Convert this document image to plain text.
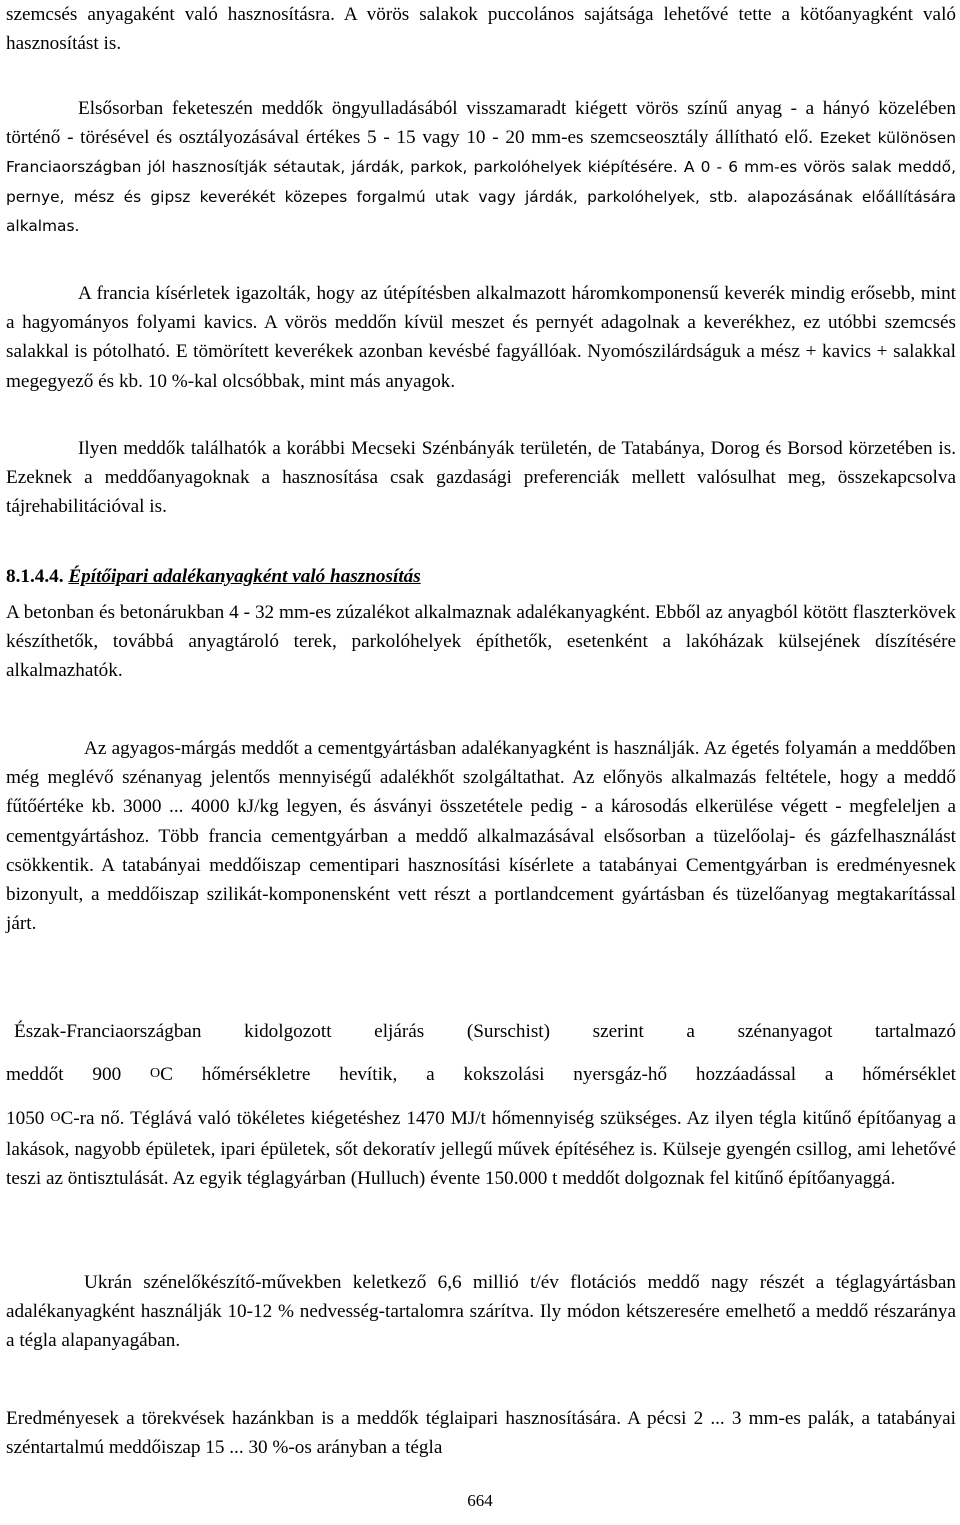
szemcsés anyagaként való hasznosításra. A vörös salakok puccolános sajátsága lehetővé tette a kötőanyagként való hasznosítást is.

Elsősorban feketeszén meddők öngyulladásából visszamaradt kiégett vörös színű anyag - a hányó közelében történő - törésével és osztályozásával értékes 5 - 15 vagy 10 - 20 mm-es szemcseosztály állítható elő. Ezeket különösen Franciaországban jól hasznosítják sétautak, járdák, parkok, parkolóhelyek kiépítésére. A 0 - 6 mm-es vörös salak meddő, pernye, mész és gipsz keverékét közepes forgalmú utak vagy járdák, parkolóhelyek, stb. alapozásának előállítására alkalmas.

A francia kísérletek igazolták, hogy az útépítésben alkalmazott háromkomponensű keverék mindig erősebb, mint a hagyományos folyami kavics. A vörös meddőn kívül meszet és pernyét adagolnak a keverékhez, ez utóbbi szemcsés salakkal is pótolható. E tömörített keverékek azonban kevésbé fagyállóak. Nyomószilárdságuk a mész + kavics + salakkal megegyező és kb. 10 %-kal olcsóbbak, mint más anyagok.

Ilyen meddők találhatók a korábbi Mecseki Szénbányák területén, de Tatabánya, Dorog és Borsod körzetében is. Ezeknek a meddőanyagoknak a hasznosítása csak gazdasági preferenciák mellett valósulhat meg, összekapcsolva tájrehabilitációval is.

8.1.4.4. Építőipari adalékanyagként való hasznosítás

A betonban és betonárukban 4 - 32 mm-es zúzalékot alkalmaznak adalékanyagként. Ebből az anyagból kötött flaszterkövek készíthetők, továbbá anyagtároló terek, parkolóhelyek építhetők, esetenként a lakóházak külsejének díszítésére alkalmazhatók.

Az agyagos-márgás meddőt a cementgyártásban adalékanyagként is használják. Az égetés folyamán a meddőben még meglévő szénanyag jelentős mennyiségű adalékhőt szolgáltathat. Az előnyös alkalmazás feltétele, hogy a meddő fűtőértéke kb. 3000 ... 4000 kJ/kg legyen, és ásványi összetétele pedig - a károsodás elkerülése végett - megfeleljen a cementgyártáshoz. Több francia cementgyárban a meddő alkalmazásával elsősorban a tüzelőolaj- és gázfelhasználást csökkentik. A tatabányai meddőiszap cementipari hasznosítási kísérlete a tatabányai Cementgyárban is eredményesnek bizonyult, a meddőiszap szilikát-komponensként vett részt a portlandcement gyártásban és tüzelőanyag megtakarítással járt.

Észak-Franciaországban kidolgozott eljárás (Surschist) szerint a szénanyagot tartalmazó
meddőt 900 $^O$C hőmérsékletre hevítik, a kokszolási nyersgáz-hő hozzáadással a hőmérséklet
1050 $^O$C-ra nő. Téglává való tökéletes kiégetéshez 1470 MJ/t hőmennyiség szükséges. Az ilyen tégla kitűnő építőanyag a lakások, nagyobb épületek, ipari épületek, sőt dekoratív jellegű művek építéséhez is. Külseje gyengén csillog, ami lehetővé teszi az öntisztulását. Az egyik téglagyárban (Hulluch) évente 150.000 t meddőt dolgoznak fel kitűnő építőanyaggá.

Ukrán szénelőkészítő-művekben keletkező 6,6 millió t/év flotációs meddő nagy részét a téglagyártásban adalékanyagként használják 10-12 % nedvesség-tartalomra szárítva. Ily módon kétszeresére emelhető a meddő részaránya a tégla alapanyagában.

Eredményesek a törekvések hazánkban is a meddők téglaipari hasznosítására. A pécsi 2 ... 3 mm-es palák, a tatabányai széntartalmú meddőiszap 15 ... 30 %-os arányban a tégla

664
